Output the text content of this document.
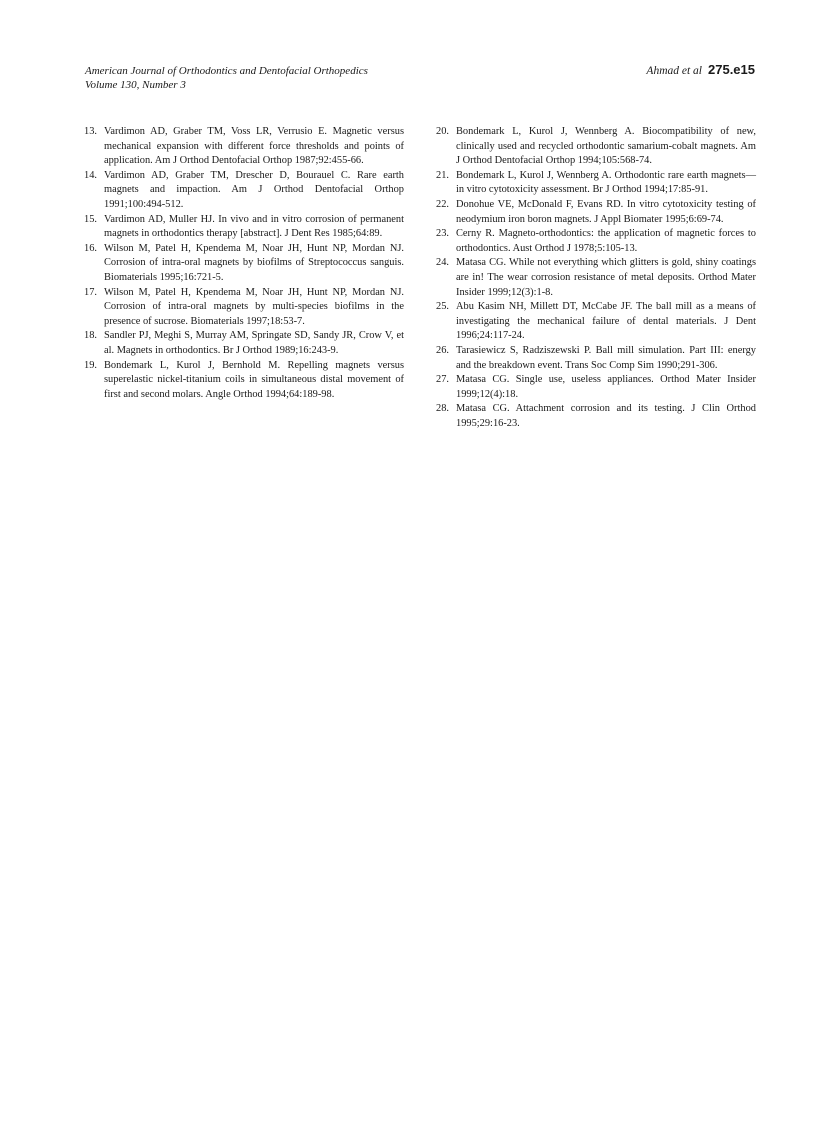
American Journal of Orthodontics and Dentofacial Orthopedics
Volume 130, Number 3
Ahmad et al 275.e15
13. Vardimon AD, Graber TM, Voss LR, Verrusio E. Magnetic versus mechanical expansion with different force thresholds and points of application. Am J Orthod Dentofacial Orthop 1987;92:455-66.
14. Vardimon AD, Graber TM, Drescher D, Bourauel C. Rare earth magnets and impaction. Am J Orthod Dentofacial Orthop 1991;100:494-512.
15. Vardimon AD, Muller HJ. In vivo and in vitro corrosion of permanent magnets in orthodontics therapy [abstract]. J Dent Res 1985;64:89.
16. Wilson M, Patel H, Kpendema M, Noar JH, Hunt NP, Mordan NJ. Corrosion of intra-oral magnets by biofilms of Streptococcus sanguis. Biomaterials 1995;16:721-5.
17. Wilson M, Patel H, Kpendema M, Noar JH, Hunt NP, Mordan NJ. Corrosion of intra-oral magnets by multi-species biofilms in the presence of sucrose. Biomaterials 1997;18:53-7.
18. Sandler PJ, Meghi S, Murray AM, Springate SD, Sandy JR, Crow V, et al. Magnets in orthodontics. Br J Orthod 1989;16:243-9.
19. Bondemark L, Kurol J, Bernhold M. Repelling magnets versus superelastic nickel-titanium coils in simultaneous distal movement of first and second molars. Angle Orthod 1994;64:189-98.
20. Bondemark L, Kurol J, Wennberg A. Biocompatibility of new, clinically used and recycled orthodontic samarium-cobalt magnets. Am J Orthod Dentofacial Orthop 1994;105:568-74.
21. Bondemark L, Kurol J, Wennberg A. Orthodontic rare earth magnets—in vitro cytotoxicity assessment. Br J Orthod 1994;17:85-91.
22. Donohue VE, McDonald F, Evans RD. In vitro cytotoxicity testing of neodymium iron boron magnets. J Appl Biomater 1995;6:69-74.
23. Cerny R. Magneto-orthodontics: the application of magnetic forces to orthodontics. Aust Orthod J 1978;5:105-13.
24. Matasa CG. While not everything which glitters is gold, shiny coatings are in! The wear corrosion resistance of metal deposits. Orthod Mater Insider 1999;12(3):1-8.
25. Abu Kasim NH, Millett DT, McCabe JF. The ball mill as a means of investigating the mechanical failure of dental materials. J Dent 1996;24:117-24.
26. Tarasiewicz S, Radziszewski P. Ball mill simulation. Part III: energy and the breakdown event. Trans Soc Comp Sim 1990;291-306.
27. Matasa CG. Single use, useless appliances. Orthod Mater Insider 1999;12(4):18.
28. Matasa CG. Attachment corrosion and its testing. J Clin Orthod 1995;29:16-23.
